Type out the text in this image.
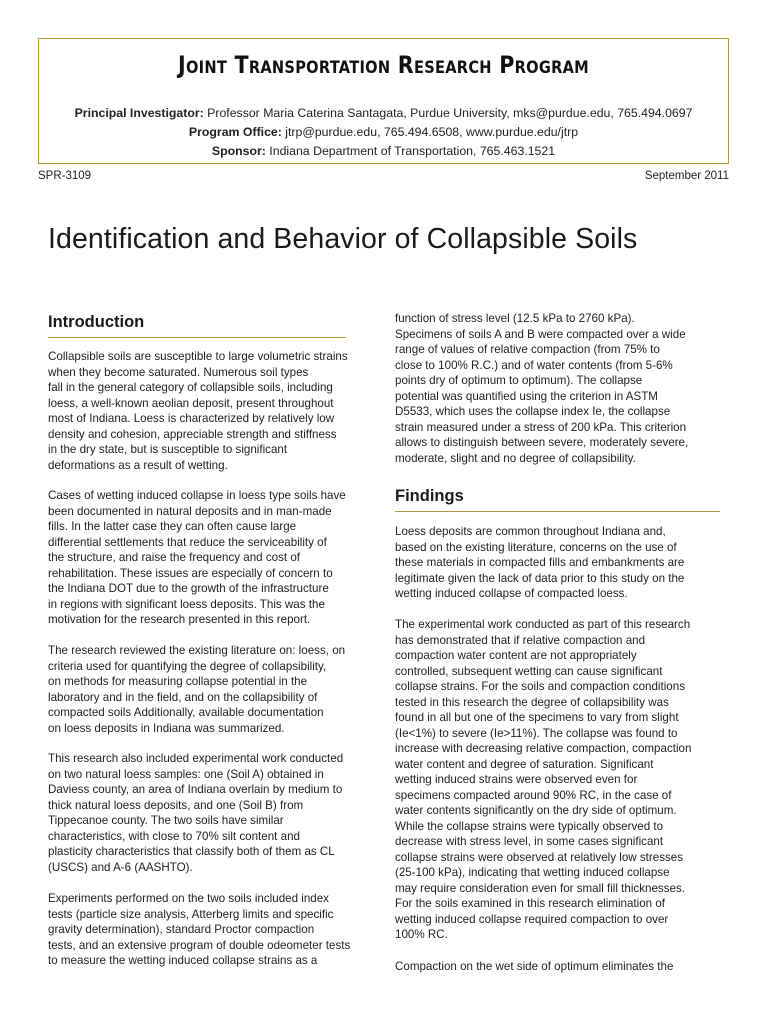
Joint Transportation Research Program
Principal Investigator: Professor Maria Caterina Santagata, Purdue University, mks@purdue.edu, 765.494.0697
Program Office: jtrp@purdue.edu, 765.494.6508, www.purdue.edu/jtrp
Sponsor: Indiana Department of Transportation, 765.463.1521
SPR-3109	September 2011
Identification and Behavior of Collapsible Soils
Introduction

Collapsible soils are susceptible to large volumetric strains
when they become saturated. Numerous soil types
fall in the general category of collapsible soils, including
loess, a well-known aeolian deposit, present throughout
most of Indiana. Loess is characterized by relatively low
density and cohesion, appreciable strength and stiffness
in the dry state, but is susceptible to significant
deformations as a result of wetting.

Cases of wetting induced collapse in loess type soils have
been documented in natural deposits and in man-made
fills. In the latter case they can often cause large
differential settlements that reduce the serviceability of
the structure, and raise the frequency and cost of
rehabilitation. These issues are especially of concern to
the Indiana DOT due to the growth of the infrastructure
in regions with significant loess deposits. This was the
motivation for the research presented in this report.

The research reviewed the existing literature on: loess, on
criteria used for quantifying the degree of collapsibility,
on methods for measuring collapse potential in the
laboratory and in the field, and on the collapsibility of
compacted soils Additionally, available documentation
on loess deposits in Indiana was summarized.

This research also included experimental work conducted
on two natural loess samples: one (Soil A) obtained in
Daviess county, an area of Indiana overlain by medium to
thick natural loess deposits, and one (Soil B) from
Tippecanoe county. The two soils have similar
characteristics, with close to 70% silt content and
plasticity characteristics that classify both of them as CL
(USCS) and A-6 (AASHTO).

Experiments performed on the two soils included index
tests (particle size analysis, Atterberg limits and specific
gravity determination), standard Proctor compaction
tests, and an extensive program of double odeometer tests
to measure the wetting induced collapse strains as a

function of stress level (12.5 kPa to 2760 kPa).
Specimens of soils A and B were compacted over a wide
range of values of relative compaction (from 75% to
close to 100% R.C.) and of water contents (from 5-6%
points dry of optimum to optimum). The collapse
potential was quantified using the criterion in ASTM
D5533, which uses the collapse index Ie, the collapse
strain measured under a stress of 200 kPa. This criterion
allows to distinguish between severe, moderately severe,
moderate, slight and no degree of collapsibility.

Findings

Loess deposits are common throughout Indiana and,
based on the existing literature, concerns on the use of
these materials in compacted fills and embankments are
legitimate given the lack of data prior to this study on the
wetting induced collapse of compacted loess.

The experimental work conducted as part of this research
has demonstrated that if relative compaction and
compaction water content are not appropriately
controlled, subsequent wetting can cause significant
collapse strains. For the soils and compaction conditions
tested in this research the degree of collapsibility was
found in all but one of the specimens to vary from slight
(Ie<1%) to severe (Ie>11%). The collapse was found to
increase with decreasing relative compaction, compaction
water content and degree of saturation. Significant
wetting induced strains were observed even for
specimens compacted around 90% RC, in the case of
water contents significantly on the dry side of optimum.
While the collapse strains were typically observed to
decrease with stress level, in some cases significant
collapse strains were observed at relatively low stresses
(25-100 kPa), indicating that wetting induced collapse
may require consideration even for small fill thicknesses.
For the soils examined in this research elimination of
wetting induced collapse required compaction to over
100% RC.

Compaction on the wet side of optimum eliminates the
